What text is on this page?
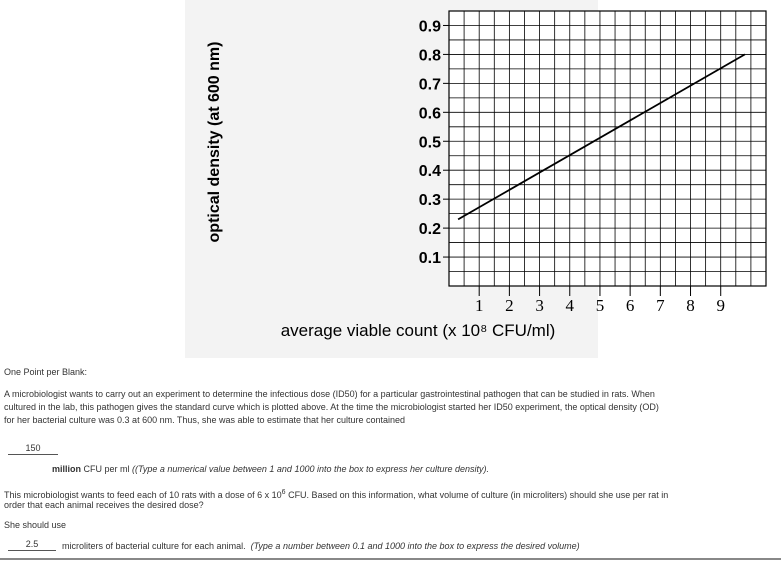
0.1
0.2
0.3
0.4
0.5
0.6
0.7
0.8
0.9
1 2 3 4 5 6 7 8 9
optical density (at 600 nm)
average viable count (x 10⁸ CFU/ml)
One Point per Blank:
A microbiologist wants to carry out an experiment to determine the infectious dose (ID50) for a particular gastrointestinal pathogen that can be studied in rats. When
cultured in the lab, this pathogen gives the standard curve which is plotted above. At the time the microbiologist started her ID50 experiment, the optical density (OD)
for her bacterial culture was 0.3 at 600 nm. Thus, she was able to estimate that her culture contained
150
million CFU per ml ((Type a numerical value between 1 and 1000 into the box to express her culture density).
This microbiologist wants to feed each of 10 rats with a dose of 6 x $10^6$ CFU. Based on this information, what volume of culture (in microliters) should she use per rat in
order that each animal receives the desired dose?
She should use
2.5	microliters of bacterial culture for each animal. (Type a number between 0.1 and 1000 into the box to express the desired volume)
